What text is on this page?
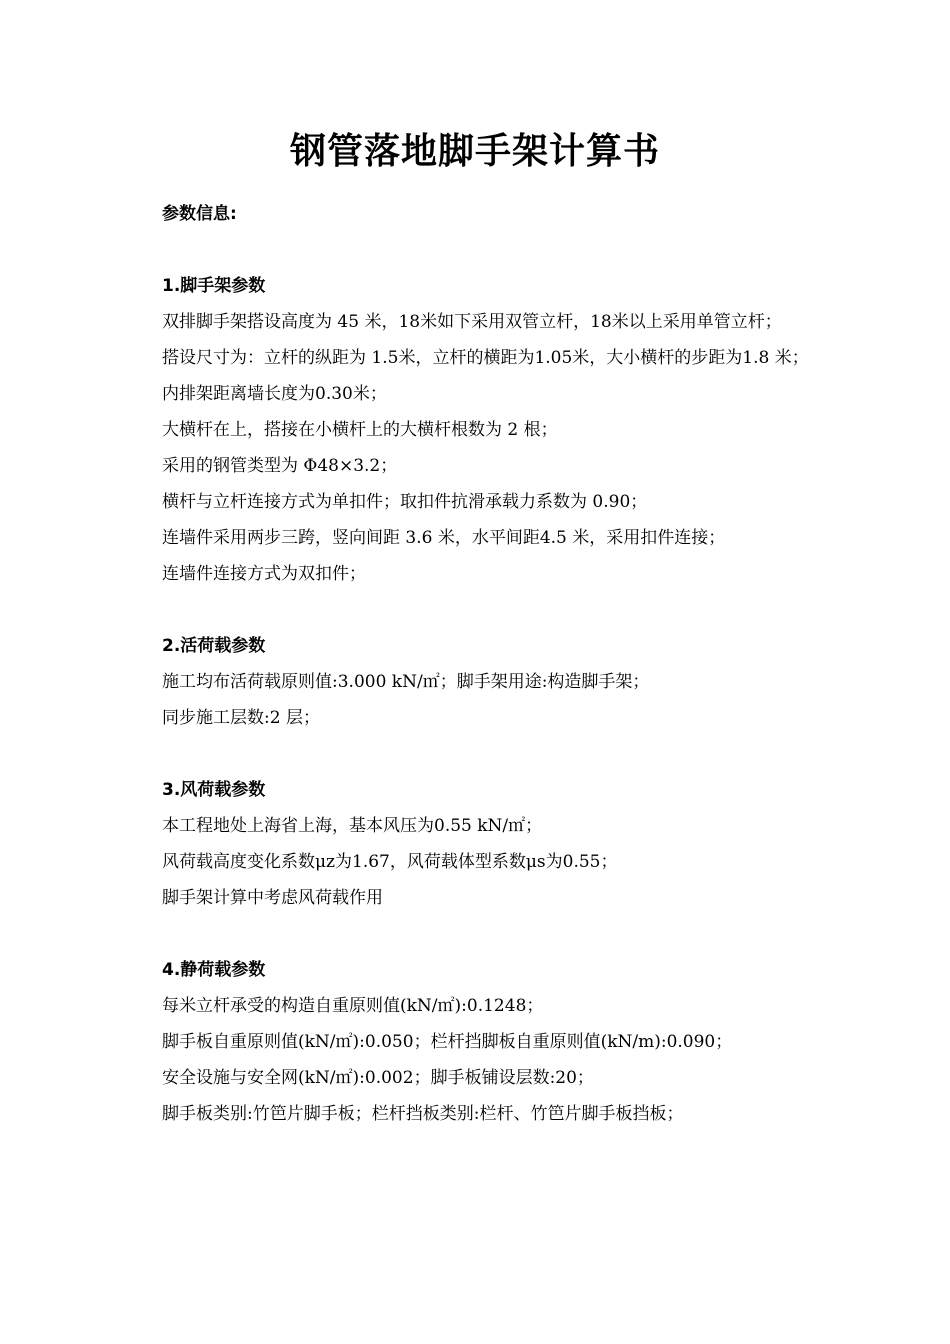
钢管落地脚手架计算书

参数信息:

1.脚手架参数

双排脚手架搭设高度为 45 米，18米如下采用双管立杆，18米以上采用单管立杆；

搭设尺寸为：立杆的纵距为 1.5米，立杆的横距为1.05米，大小横杆的步距为1.8 米；

内排架距离墙长度为0.30米；

大横杆在上，搭接在小横杆上的大横杆根数为 2 根；

采用的钢管类型为 Φ48×3.2；

横杆与立杆连接方式为单扣件；取扣件抗滑承载力系数为 0.90；

连墙件采用两步三跨，竖向间距 3.6 米，水平间距4.5 米，采用扣件连接；

连墙件连接方式为双扣件；

2.活荷载参数

施工均布活荷载原则值:3.000 kN/㎡；脚手架用途:构造脚手架；

同步施工层数:2 层；

3.风荷载参数

本工程地处上海省上海，基本风压为0.55 kN/㎡；

风荷载高度变化系数μz为1.67，风荷载体型系数μs为0.55；

脚手架计算中考虑风荷载作用

4.静荷载参数

每米立杆承受的构造自重原则值(kN/㎡):0.1248；

脚手板自重原则值(kN/㎡):0.050；栏杆挡脚板自重原则值(kN/m):0.090；

安全设施与安全网(kN/㎡):0.002；脚手板铺设层数:20；

脚手板类别:竹笆片脚手板；栏杆挡板类别:栏杆、竹笆片脚手板挡板；
